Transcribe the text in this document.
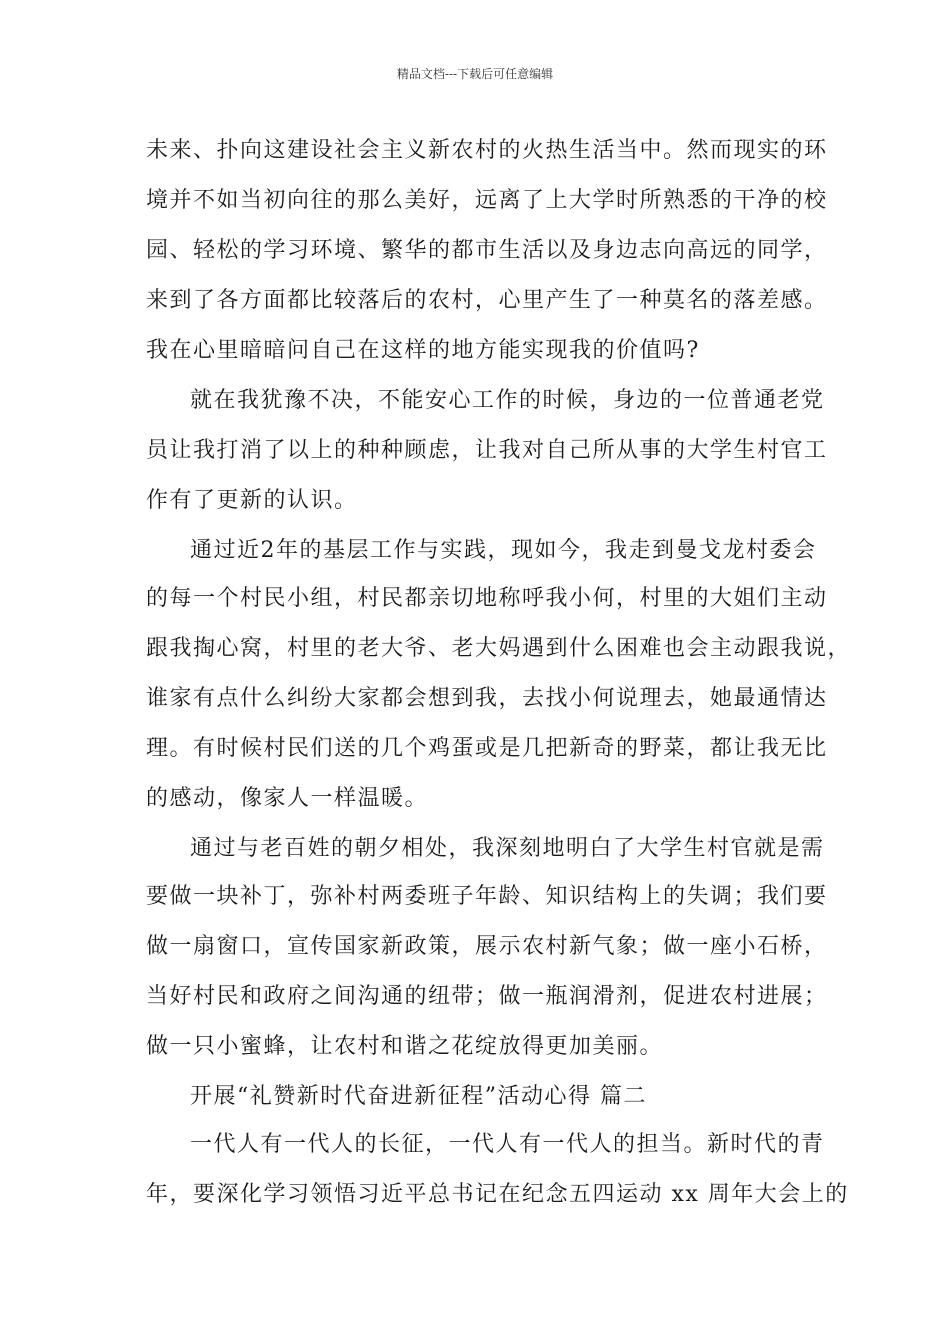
精品文档---下载后可任意编辑
未来、扑向这建设社会主义新农村的火热生活当中。然而现实的环
境并不如当初向往的那么美好，远离了上大学时所熟悉的干净的校
园、轻松的学习环境、繁华的都市生活以及身边志向高远的同学，
来到了各方面都比较落后的农村，心里产生了一种莫名的落差感。
我在心里暗暗问自己在这样的地方能实现我的价值吗?
就在我犹豫不决，不能安心工作的时候，身边的一位普通老党
员让我打消了以上的种种顾虑，让我对自己所从事的大学生村官工
作有了更新的认识。
通过近2年的基层工作与实践，现如今，我走到曼戈龙村委会
的每一个村民小组，村民都亲切地称呼我小何，村里的大姐们主动
跟我掏心窝，村里的老大爷、老大妈遇到什么困难也会主动跟我说，
谁家有点什么纠纷大家都会想到我，去找小何说理去，她最通情达
理。有时候村民们送的几个鸡蛋或是几把新奇的野菜，都让我无比
的感动，像家人一样温暖。
通过与老百姓的朝夕相处，我深刻地明白了大学生村官就是需
要做一块补丁，弥补村两委班子年龄、知识结构上的失调；我们要
做一扇窗口，宣传国家新政策，展示农村新气象；做一座小石桥，
当好村民和政府之间沟通的纽带；做一瓶润滑剂，促进农村进展；
做一只小蜜蜂，让农村和谐之花绽放得更加美丽。
开展“礼赞新时代奋进新征程”活动心得 篇二
一代人有一代人的长征，一代人有一代人的担当。新时代的青
年，要深化学习领悟习近平总书记在纪念五四运动 xx 周年大会上的
